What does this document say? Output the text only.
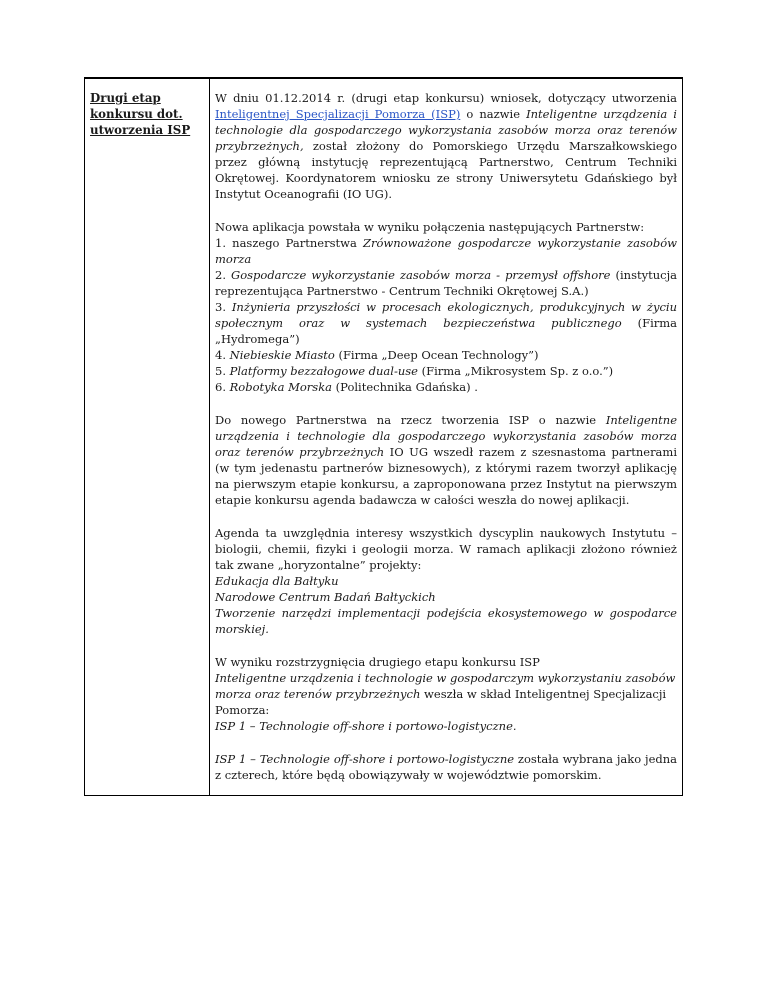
Drugi etap
konkursu dot.
utworzenia ISP

W dniu 01.12.2014 r. (drugi etap konkursu) wniosek, dotyczący utworzenia Inteligentnej Specjalizacji Pomorza (ISP) o nazwie Inteligentne urządzenia i technologie dla gospodarczego wykorzystania zasobów morza oraz terenów przybrzeżnych, został złożony do Pomorskiego Urzędu Marszałkowskiego przez główną instytucję reprezentującą Partnerstwo, Centrum Techniki Okrętowej. Koordynatorem wniosku ze strony Uniwersytetu Gdańskiego był Instytut Oceanografii (IO UG).

Nowa aplikacja powstała w wyniku połączenia następujących Partnerstw:
1. naszego Partnerstwa Zrównoważone gospodarcze wykorzystanie zasobów morza
2. Gospodarcze wykorzystanie zasobów morza - przemysł offshore (instytucja reprezentująca Partnerstwo - Centrum Techniki Okrętowej S.A.)
3. Inżynieria przyszłości w procesach ekologicznych, produkcyjnych w życiu społecznym oraz w systemach bezpieczeństwa publicznego (Firma „Hydromega”)
4. Niebieskie Miasto (Firma „Deep Ocean Technology”)
5. Platformy bezzałogowe dual-use (Firma „Mikrosystem Sp. z o.o.”)
6. Robotyka Morska (Politechnika Gdańska) .

Do nowego Partnerstwa na rzecz tworzenia ISP o nazwie Inteligentne urządzenia i technologie dla gospodarczego wykorzystania zasobów morza oraz terenów przybrzeżnych IO UG wszedł razem z szesnastoma partnerami (w tym jedenastu partnerów biznesowych), z którymi razem tworzył aplikację na pierwszym etapie konkursu, a zaproponowana przez Instytut na pierwszym etapie konkursu agenda badawcza w całości weszła do nowej aplikacji.

Agenda ta uwzględnia interesy wszystkich dyscyplin naukowych Instytutu – biologii, chemii, fizyki i geologii morza. W ramach aplikacji złożono również tak zwane „horyzontalne” projekty:
Edukacja dla Bałtyku
Narodowe Centrum Badań Bałtyckich
Tworzenie narzędzi implementacji podejścia ekosystemowego w gospodarce morskiej.

W wyniku rozstrzygnięcia drugiego etapu konkursu ISP
Inteligentne urządzenia i technologie w gospodarczym wykorzystaniu zasobów morza oraz terenów przybrzeżnych weszła w skład Inteligentnej Specjalizacji Pomorza:
ISP 1 – Technologie off-shore i portowo-logistyczne.

ISP 1 – Technologie off-shore i portowo-logistyczne została wybrana jako jedna z czterech, które będą obowiązywały w województwie pomorskim.
